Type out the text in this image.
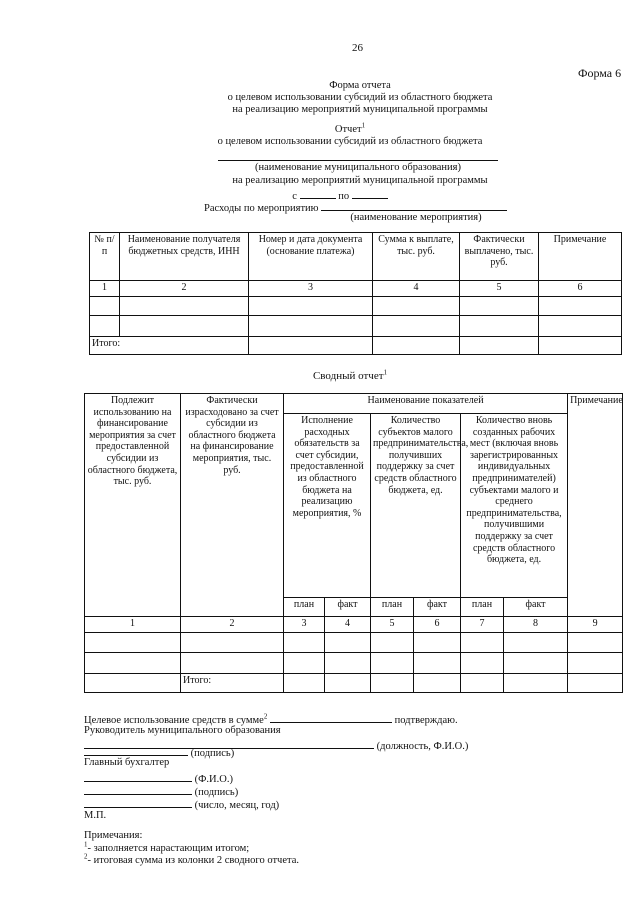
26
Форма 6
Форма отчета
о целевом использовании субсидий из областного бюджета
на реализацию мероприятий муниципальной программы
Отчет$^1$
о целевом использовании субсидий из областного бюджета
(наименование муниципального образования)
на реализацию мероприятий муниципальной программы
с	по
Расходы по мероприятию
(наименование мероприятия)
№ п/п	Наименование получателя бюджетных средств, ИНН	Номер и дата документа (основание платежа)	Сумма к выплате, тыс. руб.	Фактически выплачено, тыс. руб.	Примечание
1	2	3	4	5	6

Итого:					
Сводный отчет$^1$
Подлежит использованию на финансирование мероприятия за счет предоставленной субсидии из областного бюджета, тыс. руб.	Фактически израсходовано за счет субсидии из областного бюджета на финансирование мероприятия, тыс. руб.	Наименование показателей						Примечание
		Исполнение расходных обязательств за счет субсидии, предоставленной из областного бюджета на реализацию мероприятия, %		Количество субъектов малого предпринимательства, получивших поддержку за счет средств областного бюджета, ед.		Количество вновь созданных рабочих мест (включая вновь зарегистрированных индивидуальных предпринимателей) субъектами малого и среднего предпринимательства, получившими поддержку за счет средств областного бюджета, ед.		
		план	факт	план	факт	план	факт	
1	2	3	4	5	6	7	8	9

	Итого:							
Целевое использование средств в сумме$^2$	подтверждаю.
Руководитель муниципального образования
(должность, Ф.И.О.)
(подпись)
Главный бухгалтер
(Ф.И.О.)
(подпись)
(число, месяц, год)
М.П.
Примечания:
$^1$- заполняется нарастающим итогом;
$^2$- итоговая сумма из колонки 2 сводного отчета.
